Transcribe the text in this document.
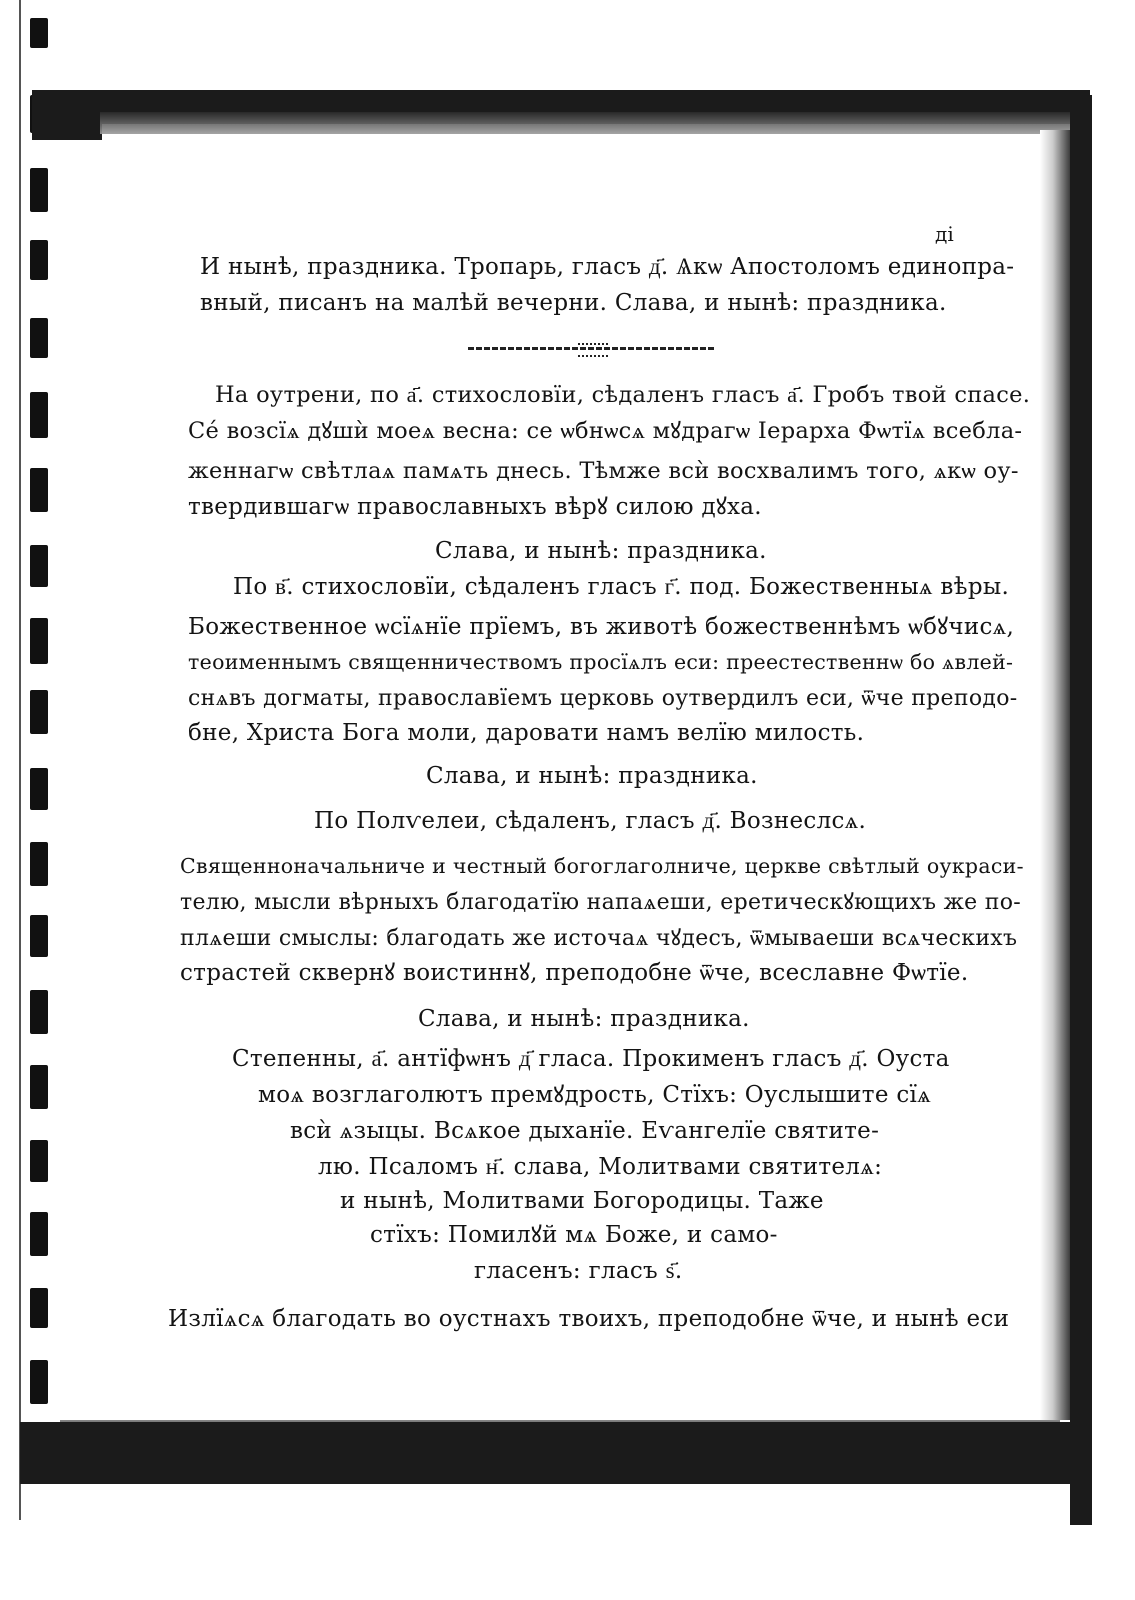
ді
И нынѣ, праздника. Тропарь, гласъ д҃. Ѧкѡ Апостоломъ единопра-
вный, писанъ на малѣй вечерни. Слава, и нынѣ: праздника.
На оутрени, по а҃. стихословїи, сѣдаленъ гласъ а҃. Гробъ твой спасе.
Се́ возсїѧ дꙋшѝ моеѧ весна: се ѡбнѡсѧ мꙋдрагѡ Iерарха Фѡтїѧ всебла-
женнагѡ свѣтлаѧ памѧть днесь. Тѣмже всѝ восхвалимъ того, ѧкѡ оу-
твердившагѡ православныхъ вѣрꙋ силою дꙋха.
Слава, и нынѣ: праздника.
По в҃. стихословїи, сѣдаленъ гласъ г҃. под. Божественныѧ вѣры.
Божественное ѡсїѧнїе прїемъ, въ животѣ божественнѣмъ ѡбꙋчисѧ,
теоименнымъ священничествомъ просїѧлъ еси: преестественнѡ бо ѧвлей-
снѧвъ догматы, православїемъ церковь оутвердилъ еси, ѿче преподо-
бне, Христа Бога моли, даровати намъ велїю милость.
Слава, и нынѣ: праздника.
По Полѵелеи, сѣдаленъ, гласъ д҃. Вознеслсѧ.
Священноначальниче и честный богоглаголниче, церкве свѣтлый оукраси-
телю, мысли вѣрныхъ благодатїю напаѧеши, еретическꙋющихъ же по-
плѧеши смыслы: благодать же источаѧ чꙋдесъ, ѿмываеши всѧческихъ
страстей сквернꙋ воистиннꙋ, преподобне ѿче, всеславне Фѡтїе.
Слава, и нынѣ: праздника.
Степенны, а҃. антїфѡнъ д҃ гласа. Прокименъ гласъ д҃. Оуста
моѧ возглаголютъ премꙋдрость, Стїхъ: Оуслышите сїѧ
всѝ ѧзыцы. Всѧкое дыханїе. Еѵангелїе святите-
лю. Псаломъ н҃. слава, Молитвами святителѧ:
и нынѣ, Молитвами Богородицы. Таже
стїхъ: Помилꙋй мѧ Боже, и само-
гласенъ: гласъ ѕ҃.
Излїѧсѧ благодать во оустнахъ твоихъ, преподобне ѿче, и нынѣ еси
